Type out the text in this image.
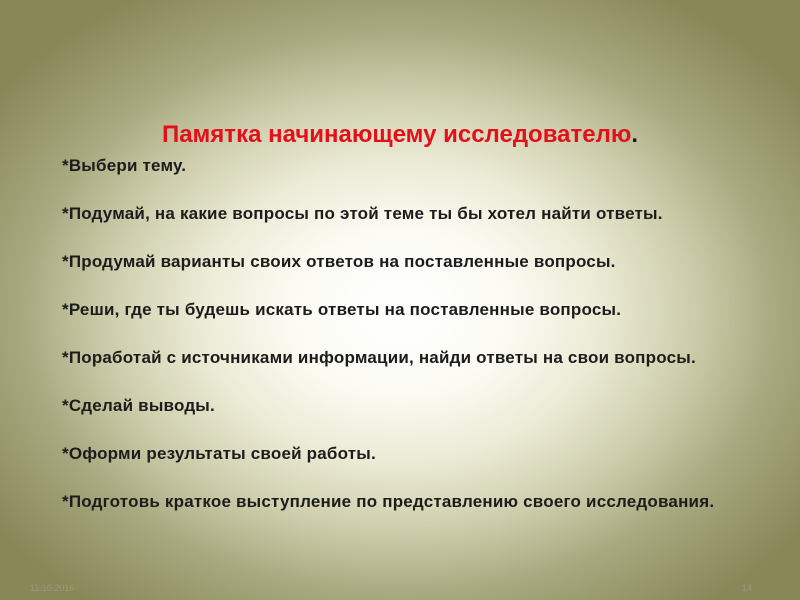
Памятка начинающему исследователю.
*Выбери тему.
*Подумай, на какие вопросы по этой теме ты бы хотел найти ответы.
*Продумай варианты своих ответов на поставленные вопросы.
*Реши, где ты будешь искать ответы на поставленные вопросы.
*Поработай с источниками информации, найди ответы на свои вопросы.
*Сделай выводы.
*Оформи результаты своей работы.
*Подготовь краткое выступление по представлению своего исследования.
11.10.2016	14
